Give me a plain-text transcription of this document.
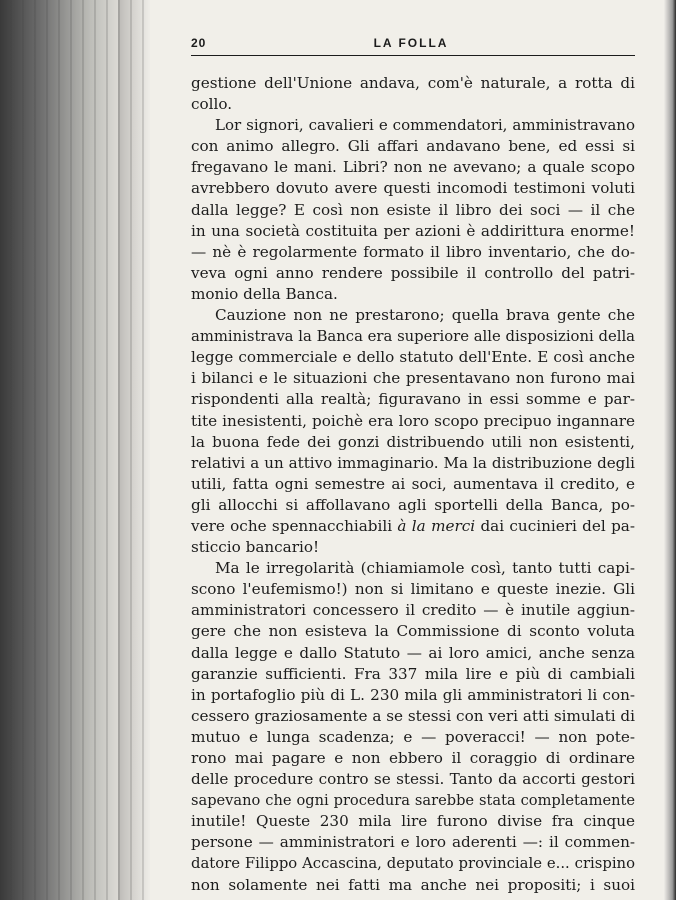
20	LA FOLLA
gestione dell'Unione andava, com'è naturale, a rotta di
collo.
Lor signori, cavalieri e commendatori, amministravano
con animo allegro. Gli affari andavano bene, ed essi si
fregavano le mani. Libri? non ne avevano; a quale scopo
avrebbero dovuto avere questi incomodi testimoni voluti
dalla legge? E così non esiste il libro dei soci — il che
in una società costituita per azioni è addirittura enorme!
— nè è regolarmente formato il libro inventario, che do-
veva ogni anno rendere possibile il controllo del patri-
monio della Banca.
Cauzione non ne prestarono; quella brava gente che
amministrava la Banca era superiore alle disposizioni della
legge commerciale e dello statuto dell'Ente. E così anche
i bilanci e le situazioni che presentavano non furono mai
rispondenti alla realtà; figuravano in essi somme e par-
tite inesistenti, poichè era loro scopo precipuo ingannare
la buona fede dei gonzi distribuendo utili non esistenti,
relativi a un attivo immaginario. Ma la distribuzione degli
utili, fatta ogni semestre ai soci, aumentava il credito, e
gli allocchi si affollavano agli sportelli della Banca, po-
vere oche spennacchiabili à la merci dai cucinieri del pa-
sticcio bancario!
Ma le irregolarità (chiamiamole così, tanto tutti capi-
scono l'eufemismo!) non si limitano e queste inezie. Gli
amministratori concessero il credito — è inutile aggiun-
gere che non esisteva la Commissione di sconto voluta
dalla legge e dallo Statuto — ai loro amici, anche senza
garanzie sufficienti. Fra 337 mila lire e più di cambiali
in portafoglio più di L. 230 mila gli amministratori li con-
cessero graziosamente a se stessi con veri atti simulati di
mutuo e lunga scadenza; e — poveracci! — non pote-
rono mai pagare e non ebbero il coraggio di ordinare
delle procedure contro se stessi. Tanto da accorti gestori
sapevano che ogni procedura sarebbe stata completamente
inutile! Queste 230 mila lire furono divise fra cinque
persone — amministratori e loro aderenti —: il commen-
datore Filippo Accascina, deputato provinciale e... crispino
non solamente nei fatti ma anche nei propositi; i suoi
